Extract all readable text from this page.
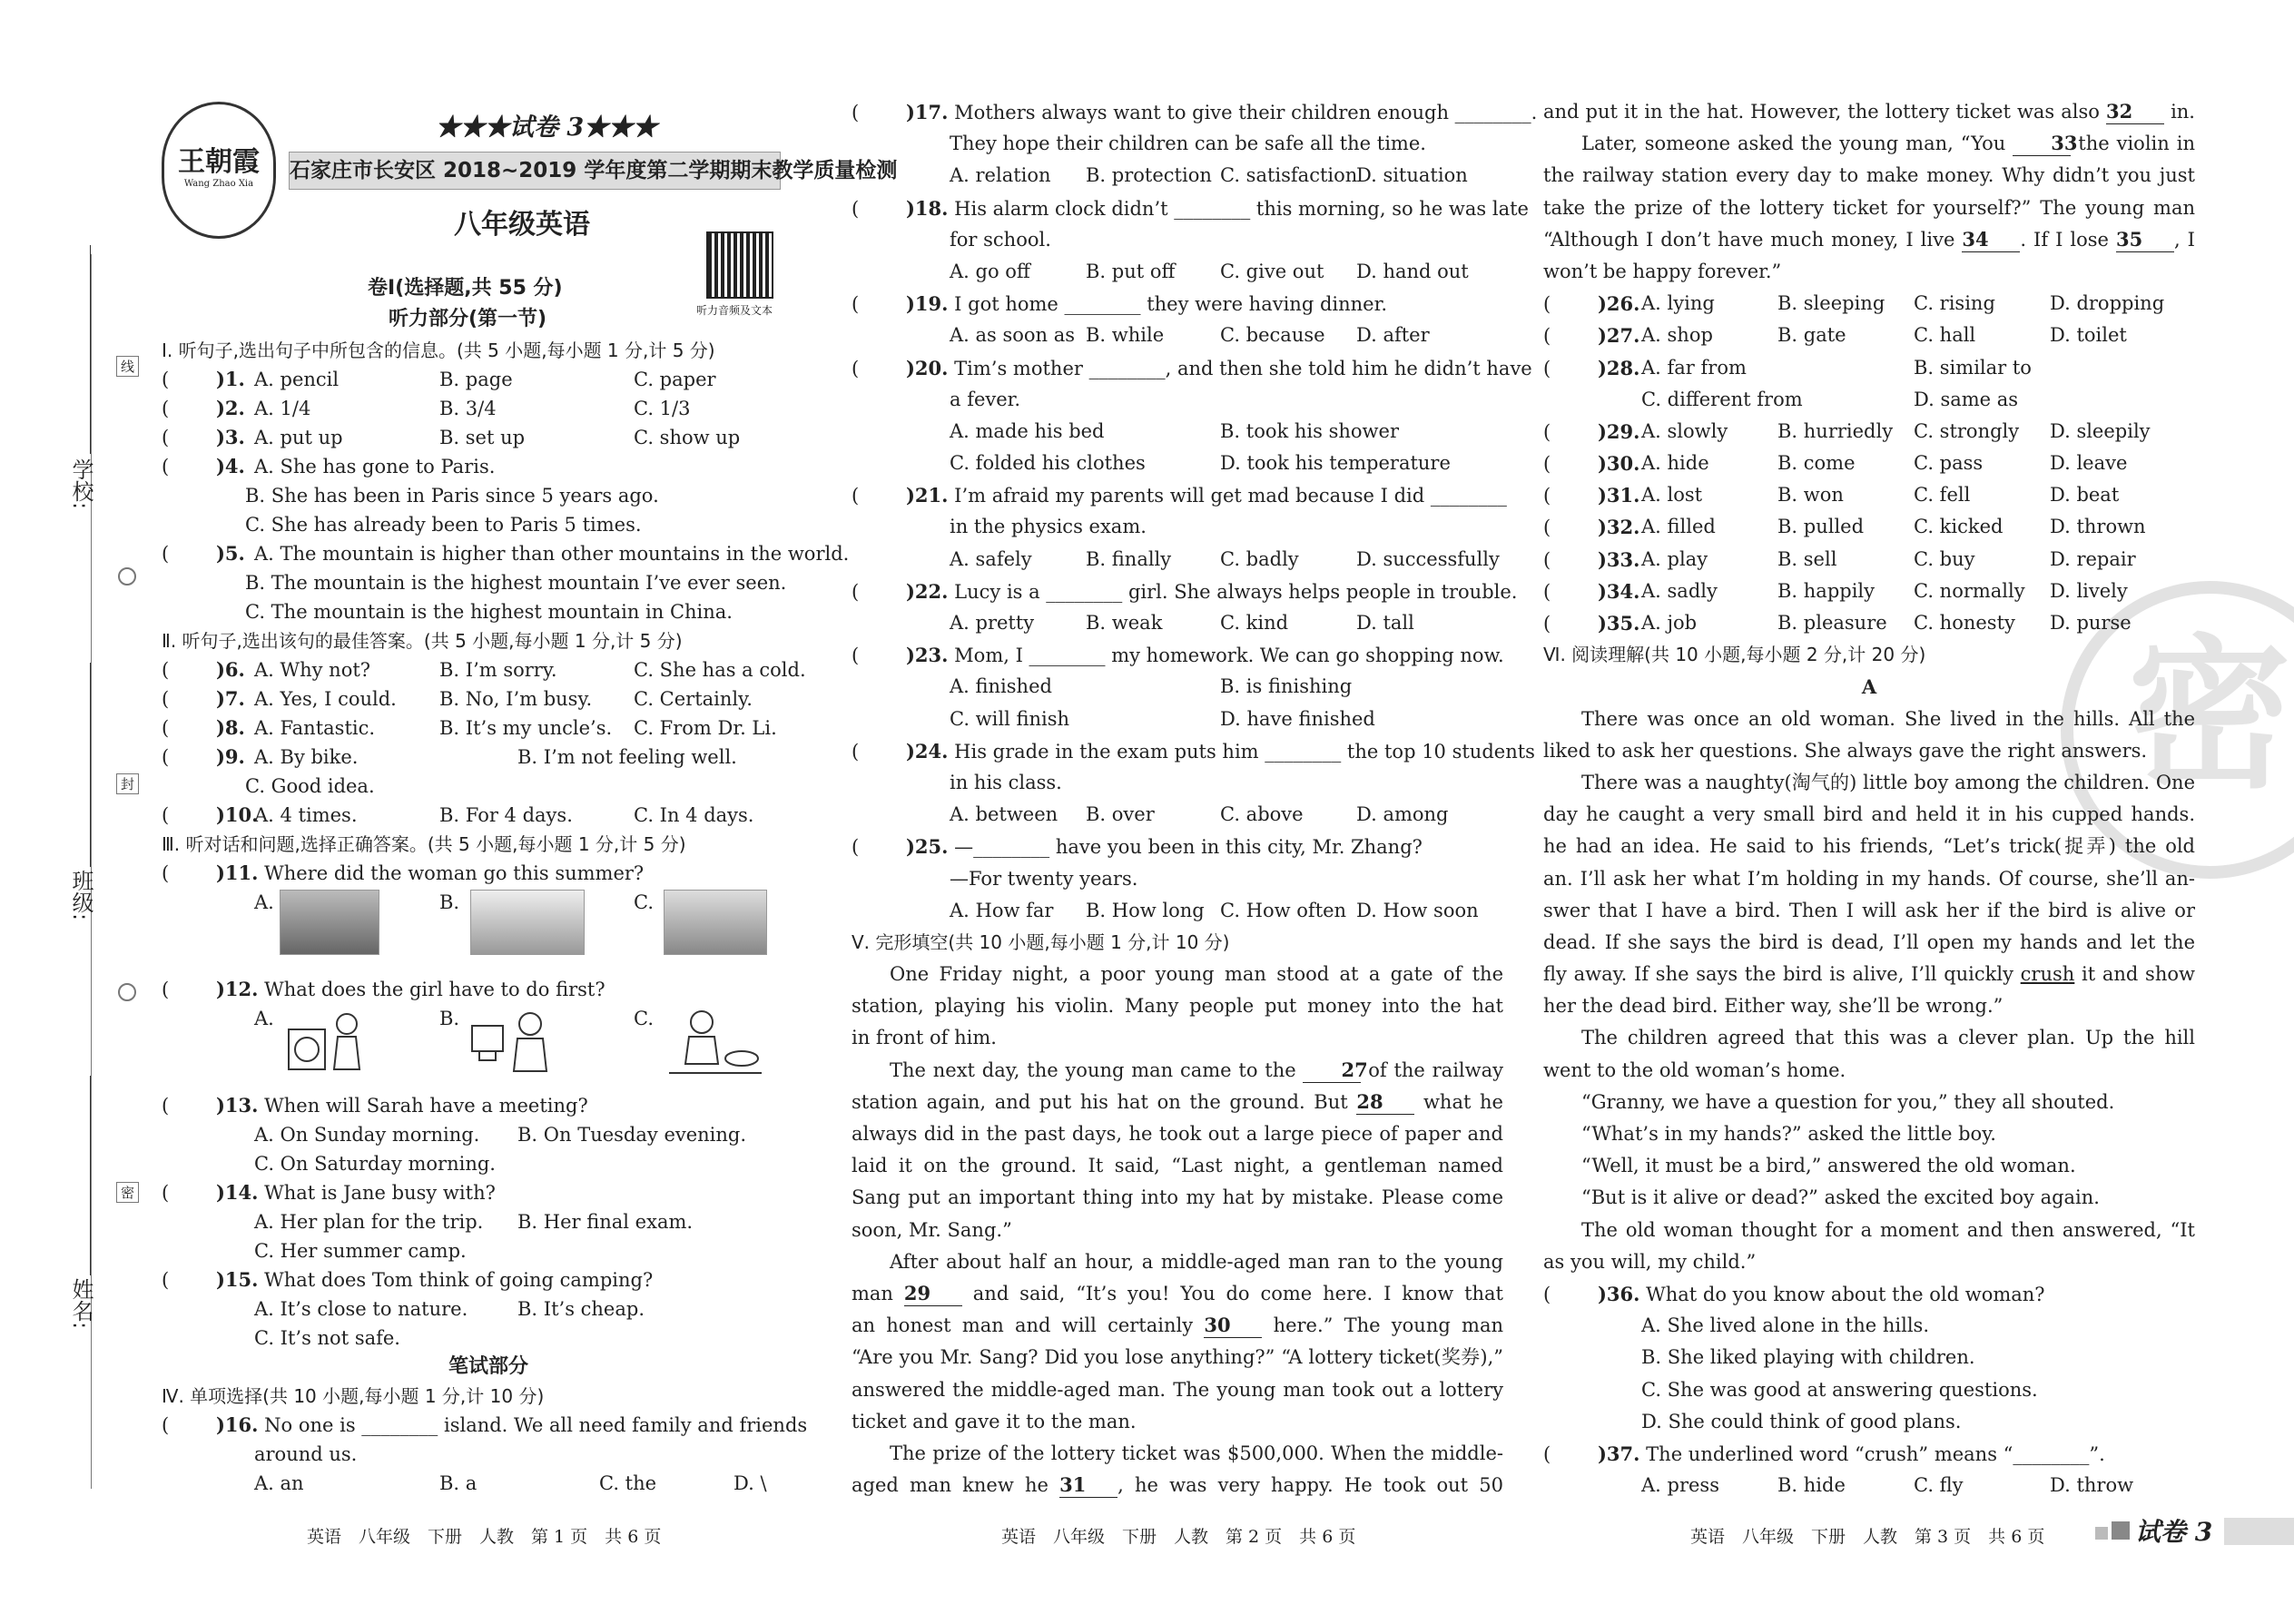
学校:
班级:
姓名:
线
封
密
王朝霞
Wang Zhao Xia
★★★试卷 3★★★
石家庄市长安区 2018~2019 学年度第二学期期末教学质量检测
八年级英语
听力音频及文本
卷Ⅰ(选择题,共 55 分)
听力部分(第一节)
Ⅰ. 听句子,选出句子中所包含的信息。(共 5 小题,每小题 1 分,计 5 分)
( )1. A. pencil	B. page	C. paper
( )2. A. 1/4	B. 3/4	C. 1/3
( )3. A. put up	B. set up	C. show up
( )4. A. She has gone to Paris.
B. She has been in Paris since 5 years ago.
C. She has already been to Paris 5 times.
( )5. A. The mountain is higher than other mountains in the world.
B. The mountain is the highest mountain I’ve ever seen.
C. The mountain is the highest mountain in China.
Ⅱ. 听句子,选出该句的最佳答案。(共 5 小题,每小题 1 分,计 5 分)
( )6. A. Why not?	B. I’m sorry.	C. She has a cold.
( )7. A. Yes, I could. B. No, I’m busy. C. Certainly.
( )8. A. Fantastic.	B. It’s my uncle’s. C. From Dr. Li.
( )9. A. By bike.	B. I’m not feeling well.
C. Good idea.
( )10.
A. 4 times.	B. For 4 days.	C. In 4 days.
Ⅲ. 听对话和问题,选择正确答案。(共 5 小题,每小题 1 分,计 5 分)
( )11. Where did the woman go this summer?
A.	B.	C.
( )12. What does the girl have to do first?
A.	B.	C.
( )13. When will Sarah have a meeting?
A. On Sunday morning. B. On Tuesday evening.
C. On Saturday morning.
( )14. What is Jane busy with?
A. Her plan for the trip. B. Her final exam.
C. Her summer camp.
( )15. What does Tom think of going camping?
A. It’s close to nature.	B. It’s cheap.
C. It’s not safe.
笔试部分
Ⅳ. 单项选择(共 10 小题,每小题 1 分,计 10 分)
( )16. No one is ________ island. We all need family and friends
around us.
A. an	B. a	C. the	D. \
( )17. Mothers always want to give their children enough ________.
They hope their children can be safe all the time.
A. relation B. protection C. satisfaction
D. situation
( )18. His alarm clock didn’t ________ this morning, so he was late
for school.
A. go off	B. put off C. give out D. hand out
( )19. I got home ________ they were having dinner.
A. as soon as B. while	C. because D. after
( )20. Tim’s mother ________, and then she told him he didn’t have
a fever.
A. made his bed	B. took his shower
C. folded his clothes	D. took his temperature
( )21. I’m afraid my parents will get mad because I did ________
in the physics exam.
A. safely	B. finally	C. badly	D. successfully
( )22. Lucy is a ________ girl. She always helps people in trouble.
A. pretty	B. weak	C. kind	D. tall
( )23. Mom, I ________ my homework. We can go shopping now.
A. finished	B. is finishing
C. will finish	D. have finished
( )24. His grade in the exam puts him ________ the top 10 students
in his class.
A. between B. over	C. above	D. among
( )25. —________ have you been in this city, Mr. Zhang?
—For twenty years.
A. How far B. How long C. How often D. How soon
Ⅴ. 完形填空(共 10 小题,每小题 1 分,计 10 分)
One Friday night, a poor young man stood at a gate of the
station, playing his violin. Many people put money into the hat
in front of him.
The next day, the young man came to the 27 of the railway
station again, and put his hat on the ground. But 28 what he
always did in the past days, he took out a large piece of paper and
laid it on the ground. It said, “Last night, a gentleman named
Sang put an important thing into my hat by mistake. Please come
soon, Mr. Sang.”
After about half an hour, a middle-aged man ran to the young
man 29 and said, “It’s you! You do come here. I know that
an honest man and will certainly 30 here.” The young man
“Are you Mr. Sang? Did you lose anything?” “A lottery ticket(奖券),”
answered the middle-aged man. The young man took out a lottery
ticket and gave it to the man.
The prize of the lottery ticket was $500,000. When the middle-
aged man knew he 31 , he was very happy. He took out 50
and put it in the hat. However, the lottery ticket was also 32 in.
Later, someone asked the young man, “You 33 the violin in
the railway station every day to make money. Why didn’t you just
take the prize of the lottery ticket for yourself?” The young man
“Although I don’t have much money, I live 34 . If I lose 35 , I
won’t be happy forever.”
( )26. A. lying	B. sleeping C. rising	D. dropping
( )27. A. shop	B. gate	C. hall	D. toilet
( )28. A. far from	B. similar to
C. different from	D. same as
( )29. A. slowly	B. hurriedly C. strongly D. sleepily
( )30. A. hide	B. come	C. pass	D. leave
( )31. A. lost	B. won	C. fell	D. beat
( )32. A. filled	B. pulled	C. kicked D. thrown
( )33. A. play	B. sell	C. buy	D. repair
( )34. A. sadly	B. happily C. normally D. lively
( )35. A. job	B. pleasure C. honesty D. purse
Ⅵ. 阅读理解(共 10 小题,每小题 2 分,计 20 分)
A
There was once an old woman. She lived in the hills. All the
liked to ask her questions. She always gave the right answers.
There was a naughty(淘气的) little boy among the children. One
day he caught a very small bird and held it in his cupped hands.
he had an idea. He said to his friends, “Let’s trick(捉弄) the old
an. I’ll ask her what I’m holding in my hands. Of course, she’ll an-
swer that I have a bird. Then I will ask her if the bird is alive or
dead. If she says the bird is dead, I’ll open my hands and let the
fly away. If she says the bird is alive, I’ll quickly crush it and show
her the dead bird. Either way, she’ll be wrong.”
The children agreed that this was a clever plan. Up the hill
went to the old woman’s home.
“Granny, we have a question for you,” they all shouted.
“What’s in my hands?” asked the little boy.
“Well, it must be a bird,” answered the old woman.
“But is it alive or dead?” asked the excited boy again.
The old woman thought for a moment and then answered, “It
as you will, my child.”
( )36. What do you know about the old woman?
A. She lived alone in the hills.
B. She liked playing with children.
C. She was good at answering questions.
D. She could think of good plans.
( )37. The underlined word “crush” means “________”.
A. press	B. hide	C. fly	D. throw
密
英语　八年级　下册　人教　第 1 页　共 6 页	英语　八年级　下册　人教　第 2 页　共 6 页	英语　八年级　下册　人教　第 3 页　共 6 页	试卷 3
